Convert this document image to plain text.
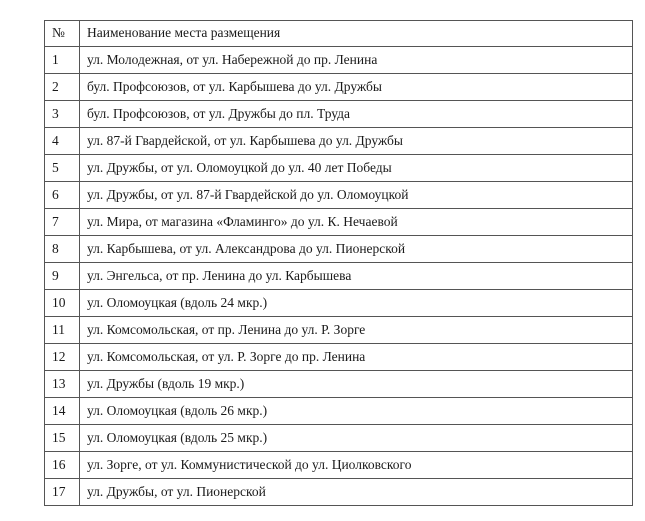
№	Наименование места размещения
1	ул. Молодежная, от ул. Набережной до пр. Ленина
2	бул. Профсоюзов, от ул. Карбышева до ул. Дружбы
3	бул. Профсоюзов, от ул. Дружбы до пл. Труда
4	ул. 87-й Гвардейской, от ул. Карбышева до ул. Дружбы
5	ул. Дружбы, от ул. Оломоуцкой до ул. 40 лет Победы
6	ул. Дружбы, от ул. 87-й Гвардейской до ул. Оломоуцкой
7	ул. Мира, от магазина «Фламинго» до ул. К. Нечаевой
8	ул. Карбышева, от ул. Александрова до ул. Пионерской
9	ул. Энгельса, от пр. Ленина до ул. Карбышева
10	ул. Оломоуцкая (вдоль 24 мкр.)
11	ул. Комсомольская, от пр. Ленина до ул. Р. Зорге
12	ул. Комсомольская, от ул. Р. Зорге до пр. Ленина
13	ул. Дружбы (вдоль 19 мкр.)
14	ул. Оломоуцкая (вдоль 26 мкр.)
15	ул. Оломоуцкая (вдоль 25 мкр.)
16	ул. Зорге, от ул. Коммунистической до ул. Циолковского
17	ул. Дружбы, от ул. Пионерской
